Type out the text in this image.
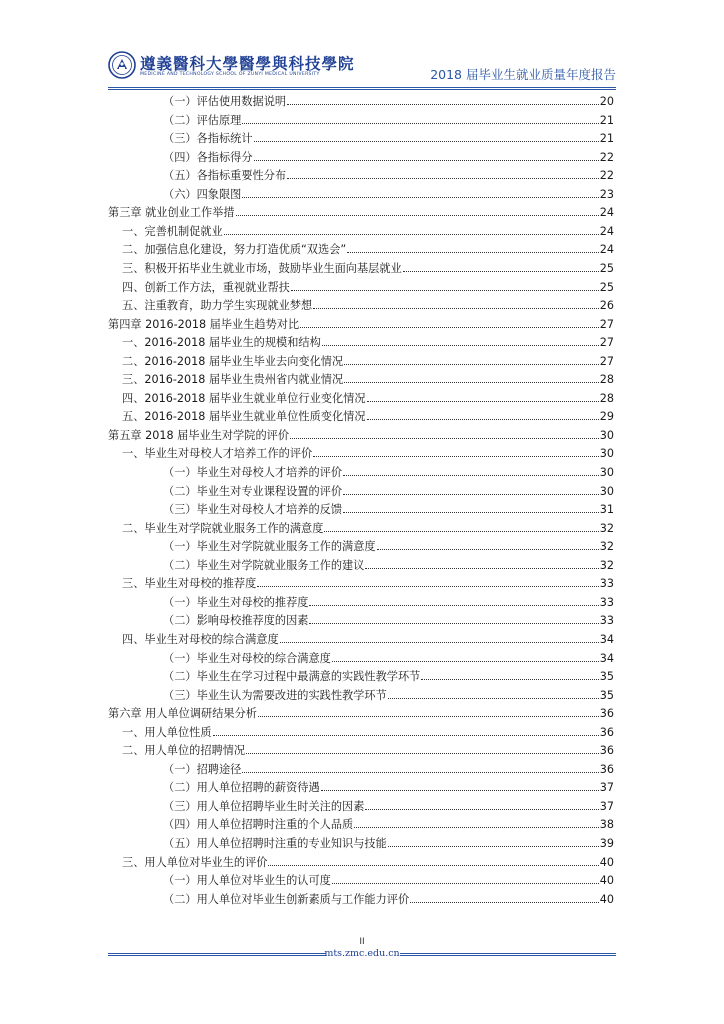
遵義醫科大學醫學與科技學院
MEDICINE AND TECHNOLOGY SCHOOL OF ZUNYI MEDICAL UNIVERSITY	2018 届毕业生就业质量年度报告
（一）评估使用数据说明	20
（二）评估原理	21
（三）各指标统计	21
（四）各指标得分	22
（五）各指标重要性分布	22
（六）四象限图	23
第三章 就业创业工作举措	24
一、完善机制促就业	24
二、加强信息化建设，努力打造优质“双选会”	24
三、积极开拓毕业生就业市场，鼓励毕业生面向基层就业	25
四、创新工作方法，重视就业帮扶	25
五、注重教育，助力学生实现就业梦想	26
第四章 2016-2018 届毕业生趋势对比	27
一、2016-2018 届毕业生的规模和结构	27
二、2016-2018 届毕业生毕业去向变化情况	27
三、2016-2018 届毕业生贵州省内就业情况	28
四、2016-2018 届毕业生就业单位行业变化情况	28
五、2016-2018 届毕业生就业单位性质变化情况	29
第五章 2018 届毕业生对学院的评价	30
一、毕业生对母校人才培养工作的评价	30
（一）毕业生对母校人才培养的评价	30
（二）毕业生对专业课程设置的评价	30
（三）毕业生对母校人才培养的反馈	31
二、毕业生对学院就业服务工作的满意度	32
（一）毕业生对学院就业服务工作的满意度	32
（二）毕业生对学院就业服务工作的建议	32
三、毕业生对母校的推荐度	33
（一）毕业生对母校的推荐度	33
（二）影响母校推荐度的因素	33
四、毕业生对母校的综合满意度	34
（一）毕业生对母校的综合满意度	34
（二）毕业生在学习过程中最满意的实践性教学环节	35
（三）毕业生认为需要改进的实践性教学环节	35
第六章 用人单位调研结果分析	36
一、用人单位性质	36
二、用人单位的招聘情况	36
（一）招聘途径	36
（二）用人单位招聘的薪资待遇	37
（三）用人单位招聘毕业生时关注的因素	37
（四）用人单位招聘时注重的个人品质	38
（五）用人单位招聘时注重的专业知识与技能	39
三、用人单位对毕业生的评价	40
（一）用人单位对毕业生的认可度	40
（二）用人单位对毕业生创新素质与工作能力评价	40
II
mts.zmc.edu.cn
